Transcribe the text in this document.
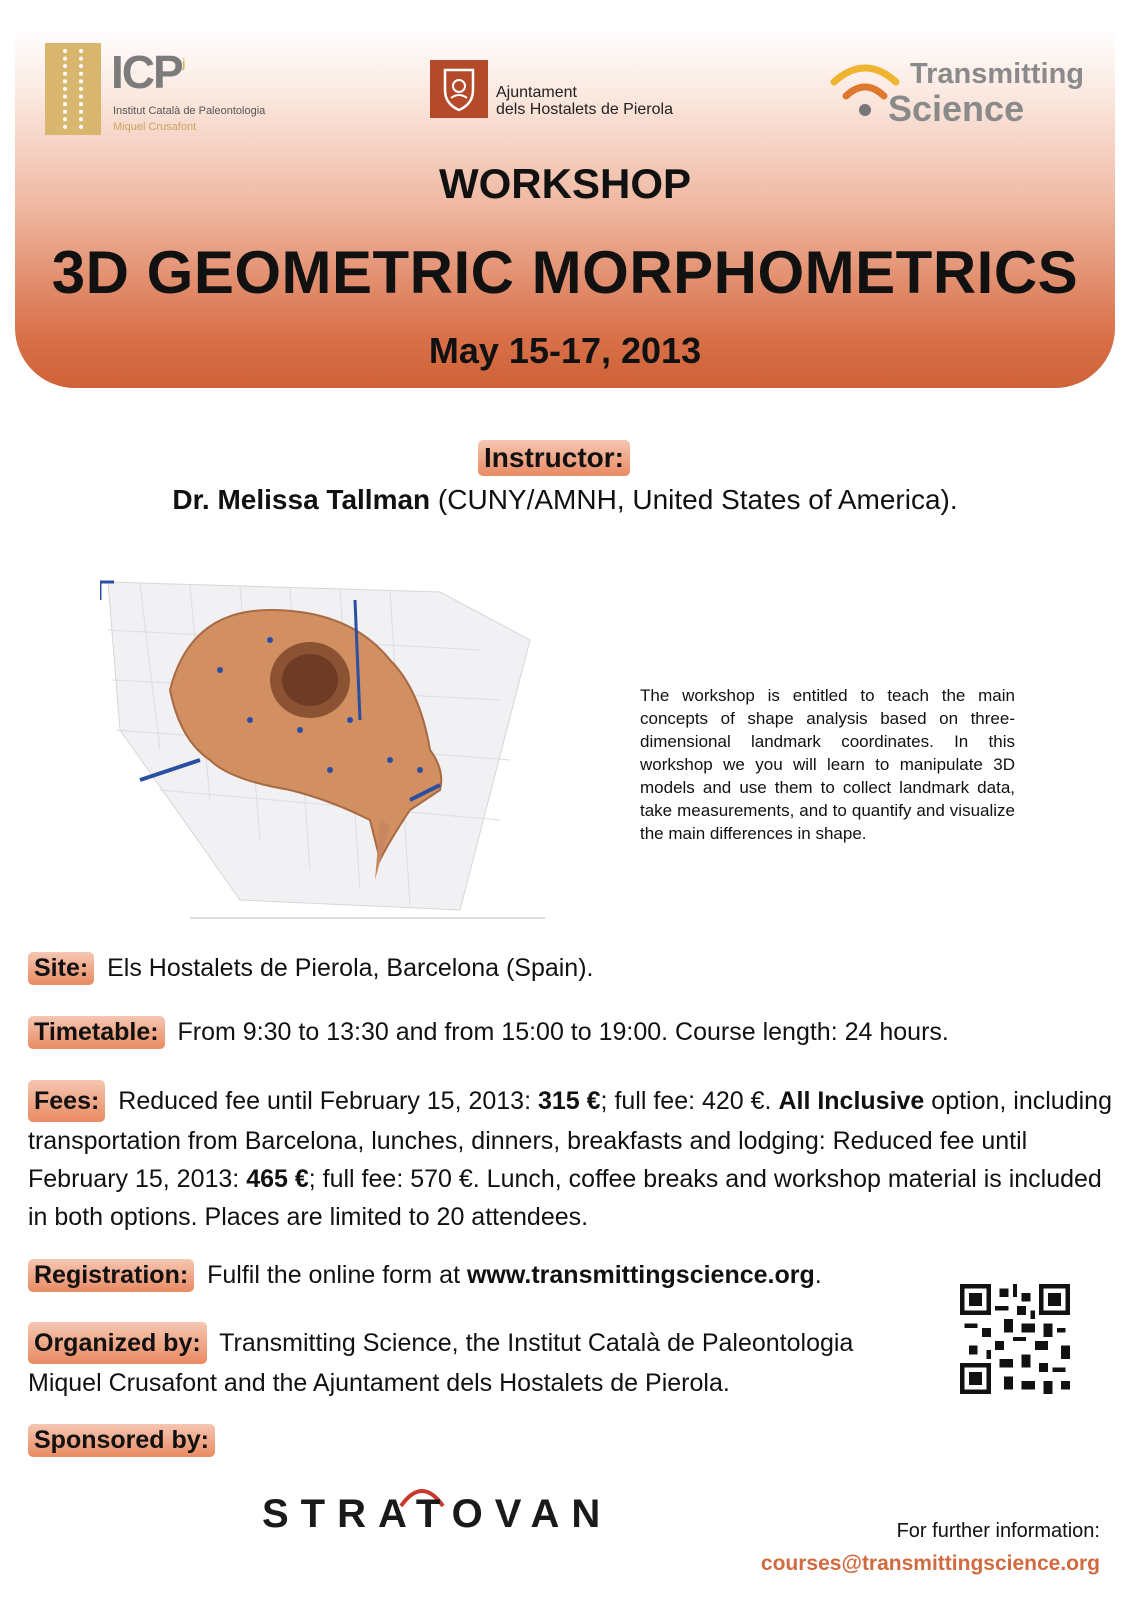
$ICP^ʲ$
Institut Català de Paleontologia
Miquel Crusafont
Ajuntament
dels Hostalets de Pierola
Transmitting
Science
WORKSHOP
3D GEOMETRIC MORPHOMETRICS
May 15-17, 2013
Instructor:
Dr. Melissa Tallman (CUNY/AMNH, United States of America).
The workshop is entitled to teach the main concepts of shape analysis based on three-dimensional landmark coordinates. In this workshop we you will learn to manipulate 3D models and use them to collect landmark data, take measurements, and to quantify and visualize the main differences in shape.
Site: Els Hostalets de Pierola, Barcelona (Spain).
Timetable: From 9:30 to 13:30 and from 15:00 to 19:00. Course length: 24 hours.
Fees: Reduced fee until February 15, 2013: 315 €; full fee: 420 €. All Inclusive option, including transportation from Barcelona, lunches, dinners, breakfasts and lodging: Reduced fee until February 15, 2013: 465 €; full fee: 570 €. Lunch, coffee breaks and workshop material is included in both options. Places are limited to 20 attendees.
Registration: Fulfil the online form at www.transmittingscience.org.
Organized by: Transmitting Science, the Institut Català de Paleontologia Miquel Crusafont and the Ajuntament dels Hostalets de Pierola.
Sponsored by:
STRATOVAN	For further information:
courses@transmittingscience.org
